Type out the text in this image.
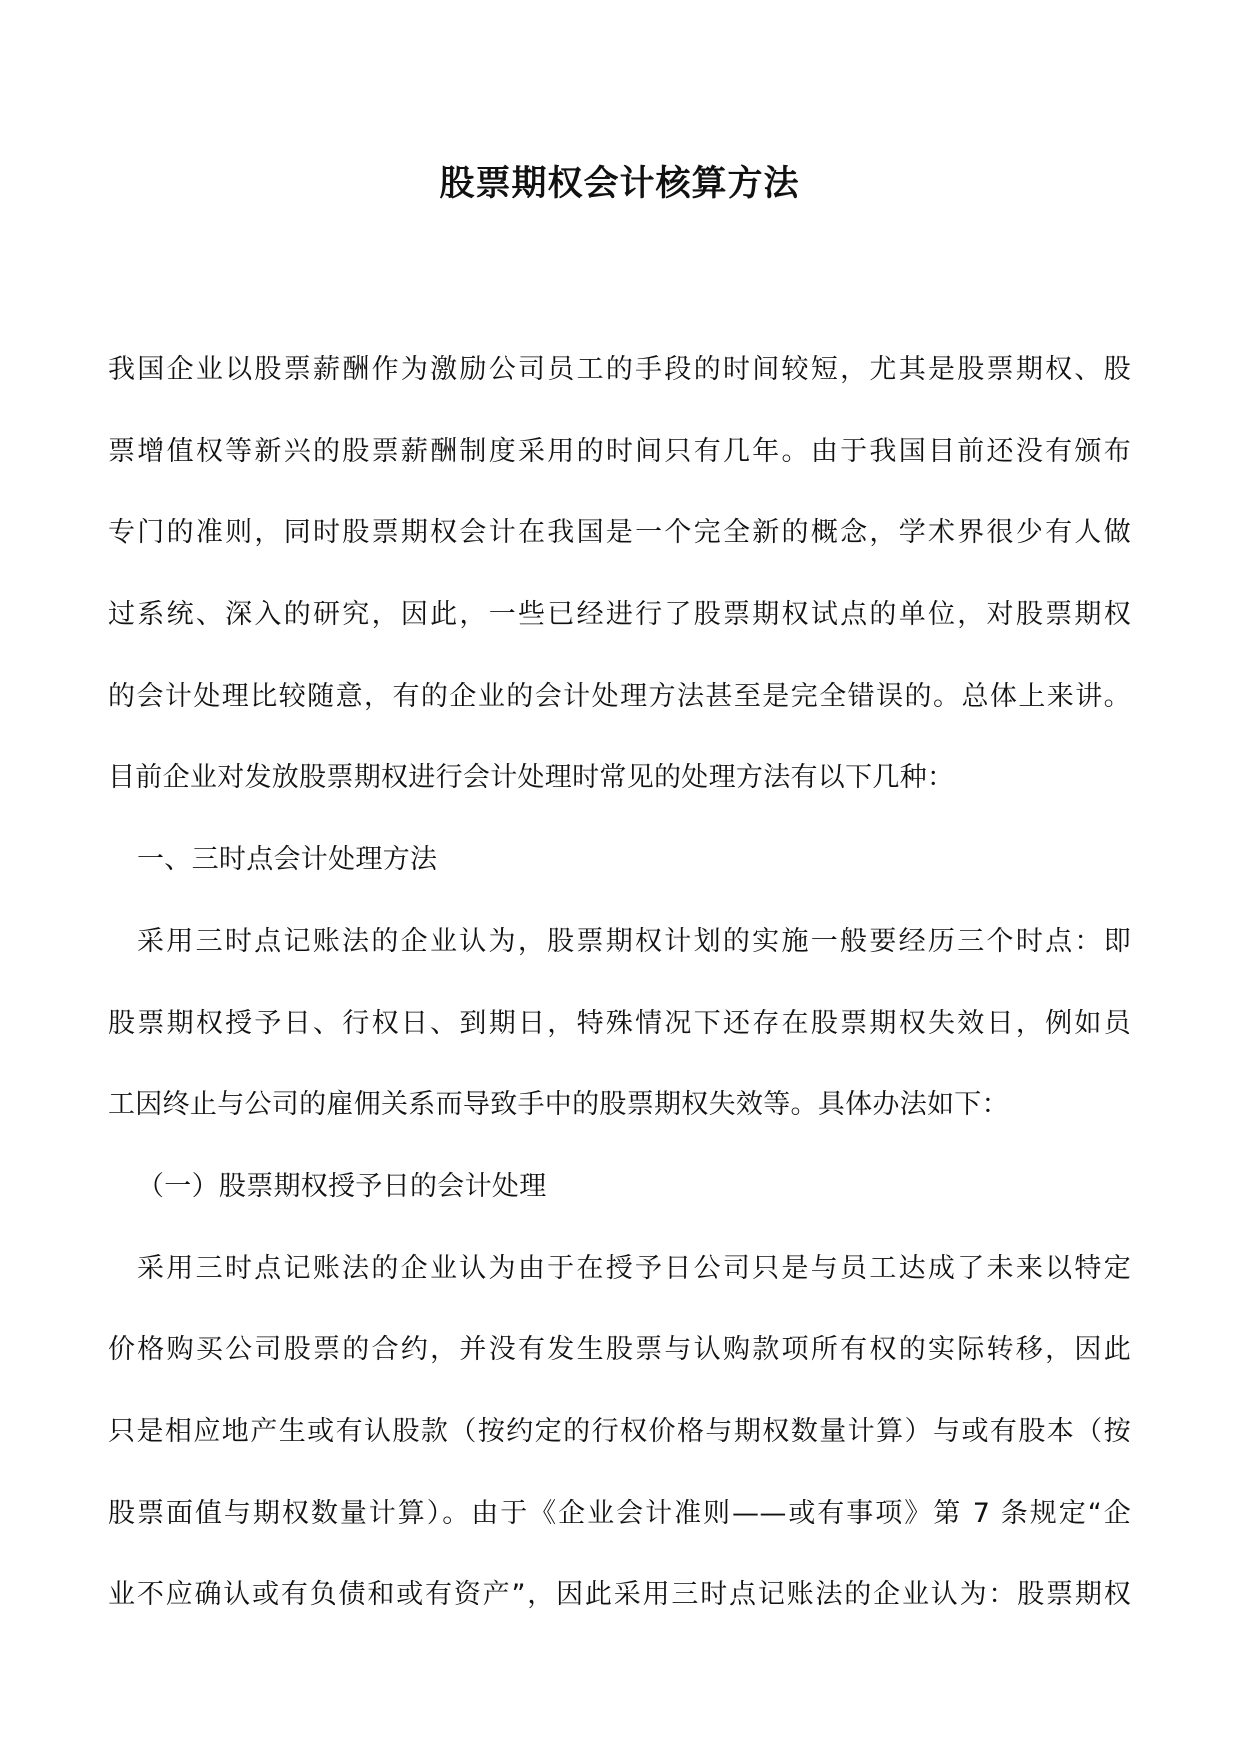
股票期权会计核算方法
我国企业以股票薪酬作为激励公司员工的手段的时间较短，尤其是股票期权、股
票增值权等新兴的股票薪酬制度采用的时间只有几年。由于我国目前还没有颁布
专门的准则，同时股票期权会计在我国是一个完全新的概念，学术界很少有人做
过系统、深入的研究，因此，一些已经进行了股票期权试点的单位，对股票期权
的会计处理比较随意，有的企业的会计处理方法甚至是完全错误的。总体上来讲。
目前企业对发放股票期权进行会计处理时常见的处理方法有以下几种：
一、三时点会计处理方法
采用三时点记账法的企业认为，股票期权计划的实施一般要经历三个时点：即
股票期权授予日、行权日、到期日，特殊情况下还存在股票期权失效日，例如员
工因终止与公司的雇佣关系而导致手中的股票期权失效等。具体办法如下：
（一）股票期权授予日的会计处理
采用三时点记账法的企业认为由于在授予日公司只是与员工达成了未来以特定
价格购买公司股票的合约，并没有发生股票与认购款项所有权的实际转移，因此
只是相应地产生或有认股款（按约定的行权价格与期权数量计算）与或有股本（按
股票面值与期权数量计算）。由于《企业会计准则——或有事项》第 7 条规定“企
业不应确认或有负债和或有资产”，因此采用三时点记账法的企业认为：股票期权
